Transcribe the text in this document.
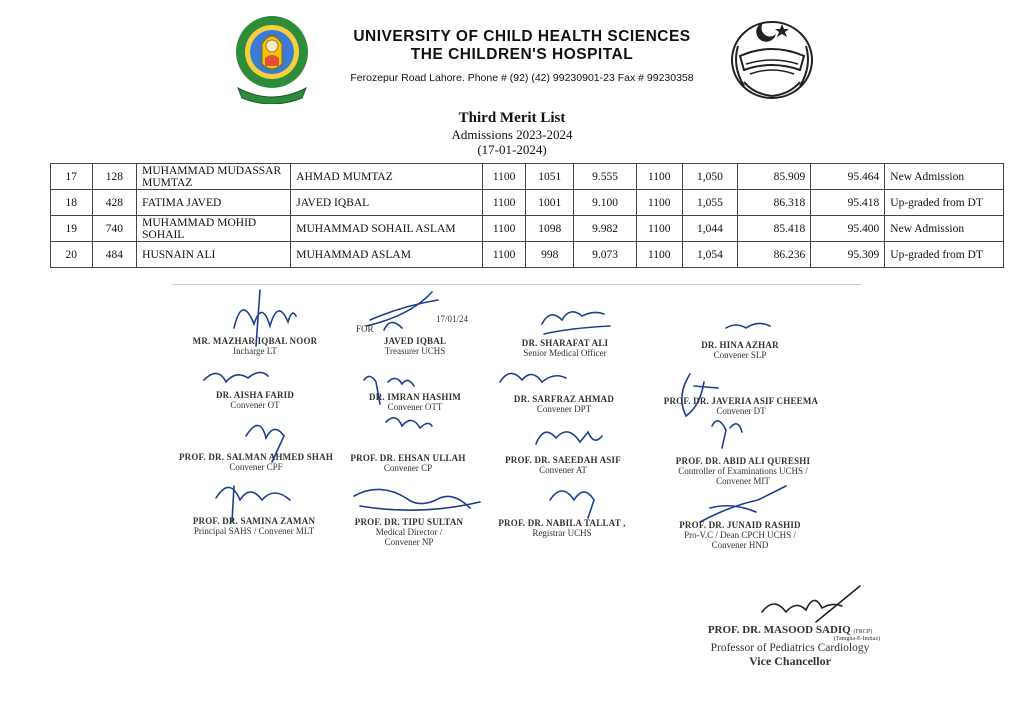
UNIVERSITY OF CHILD HEALTH SCIENCES
THE CHILDREN'S HOSPITAL
Ferozepur Road Lahore. Phone # (92) (42) 99230901-23 Fax # 99230358
Third Merit List
Admissions 2023-2024
(17-01-2024)
17	128	MUHAMMAD MUDASSAR MUMTAZ	AHMAD MUMTAZ	1100	1051	9.555	1100	1,050	85.909	95.464	New Admission
18	428	FATIMA JAVED	JAVED IQBAL	1100	1001	9.100	1100	1,055	86.318	95.418	Up-graded from DT
19	740	MUHAMMAD MOHID SOHAIL	MUHAMMAD SOHAIL ASLAM	1100	1098	9.982	1100	1,044	85.418	95.400	New Admission
20	484	HUSNAIN ALI	MUHAMMAD ASLAM	1100	998	9.073	1100	1,054	86.236	95.309	Up-graded from DT
MR. MAZHAR IQBAL NOOR
Incharge LT
FOR
17/01/24
JAVED IQBAL
Treasurer UCHS
DR. SHARAFAT ALI
Senior Medical Officer
DR. HINA AZHAR
Convener SLP
DR. AISHA FARID
Convener OT
DR. IMRAN HASHIM
Convener OTT
DR. SARFRAZ AHMAD
Convener DPT
PROF. DR. JAVERIA ASIF CHEEMA
Convener DT
PROF. DR. SALMAN AHMED SHAH
Convener CPF
PROF. DR. EHSAN ULLAH
Convener CP
PROF. DR. SAEEDAH ASIF
Convener AT
PROF. DR. ABID ALI QURESHI
Controller of Examinations UCHS /
Convener MIT
PROF. DR. SAMINA ZAMAN
Principal SAHS / Convener MLT
PROF. DR. TIPU SULTAN
Medical Director /
Convener NP
PROF. DR. NABILA TALLAT ,
Registrar UCHS
PROF. DR. JUNAID RASHID
Pro-V.C / Dean CPCH UCHS /
Convener HND
PROF. DR. MASOOD SADIQ (FRCP)
(Tamgha-E-Imtiaz)
Professor of Pediatrics Cardiology
Vice Chancellor
